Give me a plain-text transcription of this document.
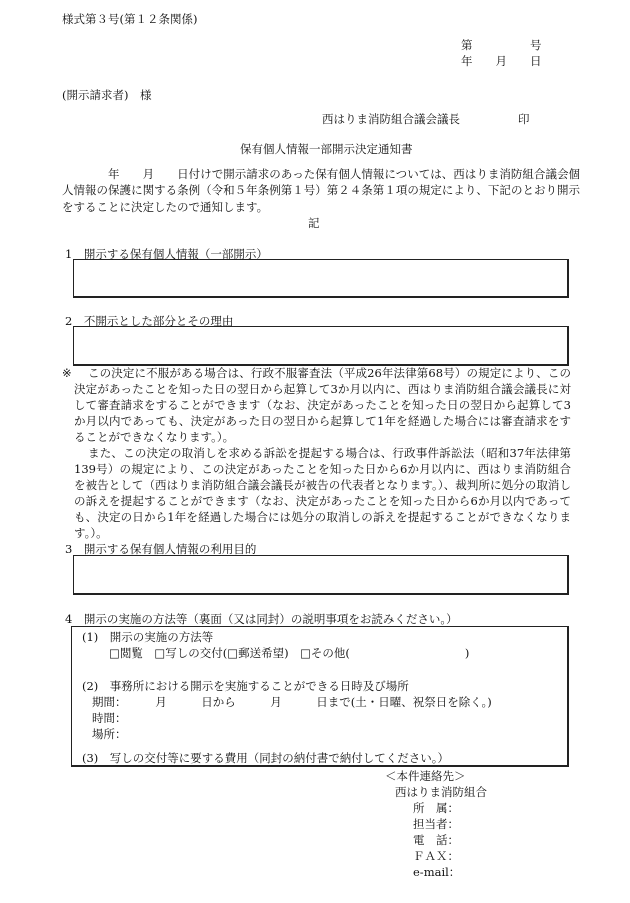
様式第３号(第１２条関係)
第　　　　　号
年　　月　　日
(開示請求者)　様
西はりま消防組合議会議長	印
保有個人情報一部開示決定通知書
年　　月　　日付けで開示請求のあった保有個人情報については、西はりま消防組合議会個人情報の保護に関する条例（令和５年条例第１号）第２４条第１項の規定により、下記のとおり開示をすることに決定したので通知します。
記
1　開示する保有個人情報（一部開示）
2　不開示とした部分とその理由
※	この決定に不服がある場合は、行政不服審査法（平成26年法律第68号）の規定により、この決定があったことを知った日の翌日から起算して3か月以内に、西はりま消防組合議会議長に対して審査請求をすることができます（なお、決定があったことを知った日の翌日から起算して3か月以内であっても、決定があった日の翌日から起算して1年を経過した場合には審査請求をすることができなくなります。）。
また、この決定の取消しを求める訴訟を提起する場合は、行政事件訴訟法（昭和37年法律第139号）の規定により、この決定があったことを知った日から6か月以内に、西はりま消防組合を被告として（西はりま消防組合議会議長が被告の代表者となります。）、裁判所に処分の取消しの訴えを提起することができます（なお、決定があったことを知った日から6か月以内であっても、決定の日から1年を経過した場合には処分の取消しの訴えを提起することができなくなります。）。
3　開示する保有個人情報の利用目的
4　開示の実施の方法等（裏面（又は同封）の説明事項をお読みください。）
(1)　開示の実施の方法等
□閲覧　□写しの交付(□郵送希望)　□その他(　　　　　　　　　　)
(2)　事務所における開示を実施することができる日時及び場所
期間：　　　月　　　日から　　　月　　　日まで(土・日曜、祝祭日を除く。)
時間：
場所：
(3)　写しの交付等に要する費用（同封の納付書で納付してください。）
＜本件連絡先＞
西はりま消防組合
所　属：
担当者：
電　話：
ＦＡＸ：
e-mail：
